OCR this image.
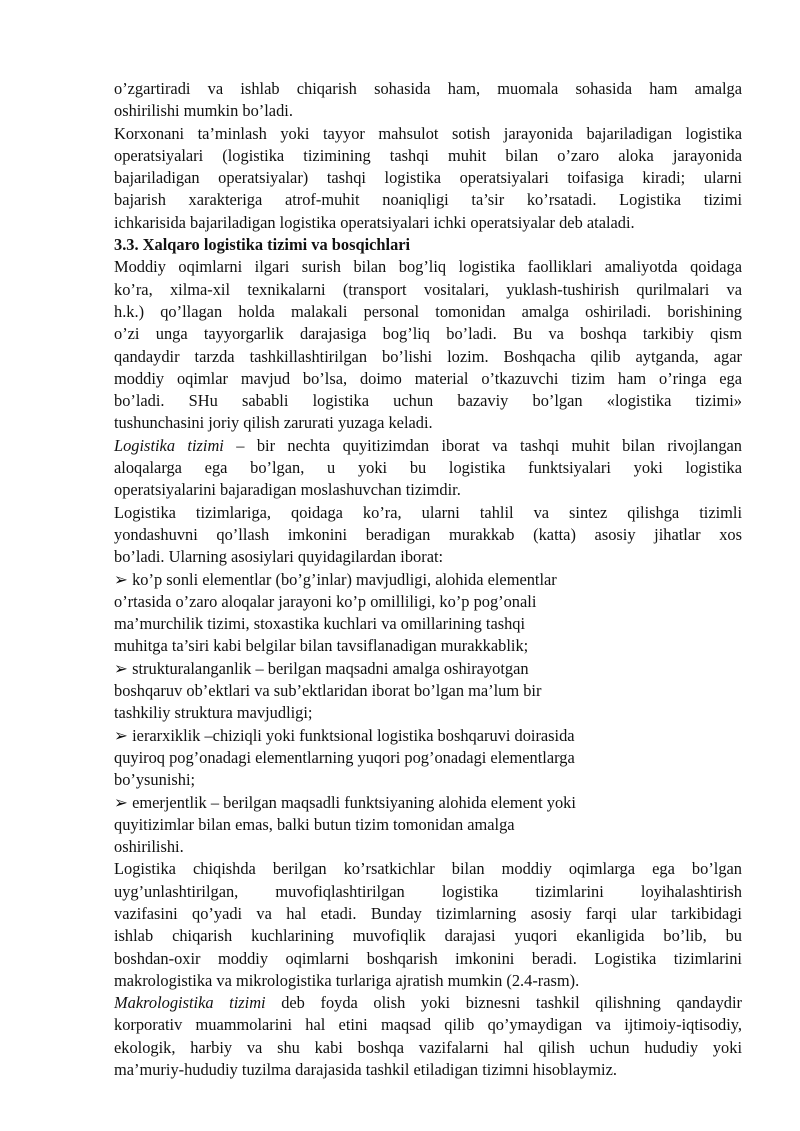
o’zgartiradi va ishlab chiqarish sohasida ham, muomala sohasida ham amalga
oshirilishi mumkin bo’ladi.
Korxonani ta’minlash yoki tayyor mahsulot sotish jarayonida bajariladigan logistika
operatsiyalari (logistika tizimining tashqi muhit bilan o’zaro aloka jarayonida
bajariladigan operatsiyalar) tashqi logistika operatsiyalari toifasiga kiradi; ularni
bajarish xarakteriga atrof-muhit noaniqligi ta’sir ko’rsatadi. Logistika tizimi
ichkarisida bajariladigan logistika operatsiyalari ichki operatsiyalar deb ataladi.
3.3. Xalqaro logistika tizimi va bosqichlari
Moddiy oqimlarni ilgari surish bilan bog’liq logistika faolliklari amaliyotda qoidaga
ko’ra, xilma-xil texnikalarni (transport vositalari, yuklash-tushirish qurilmalari va
h.k.) qo’llagan holda malakali personal tomonidan amalga oshiriladi. borishining
o’zi unga tayyorgarlik darajasiga bog’liq bo’ladi. Bu va boshqa tarkibiy qism
qandaydir tarzda tashkillashtirilgan bo’lishi lozim. Boshqacha qilib aytganda, agar
moddiy oqimlar mavjud bo’lsa, doimo material o’tkazuvchi tizim ham o’ringa ega
bo’ladi. SHu sababli logistika uchun bazaviy bo’lgan «logistika tizimi»
tushunchasini joriy qilish zarurati yuzaga keladi.
Logistika tizimi – bir nechta quyitizimdan iborat va tashqi muhit bilan rivojlangan
aloqalarga ega bo’lgan, u yoki bu logistika funktsiyalari yoki logistika
operatsiyalarini bajaradigan moslashuvchan tizimdir.
Logistika tizimlariga, qoidaga ko’ra, ularni tahlil va sintez qilishga tizimli
yondashuvni qo’llash imkonini beradigan murakkab (katta) asosiy jihatlar xos
bo’ladi. Ularning asosiylari quyidagilardan iborat:
➢ ko’p sonli elementlar (bo’g’inlar) mavjudligi, alohida elementlar
o’rtasida o’zaro aloqalar jarayoni ko’p omilliligi, ko’p pog’onali
ma’murchilik tizimi, stoxastika kuchlari va omillarining tashqi
muhitga ta’siri kabi belgilar bilan tavsiflanadigan murakkablik;
➢ strukturalanganlik – berilgan maqsadni amalga oshirayotgan
boshqaruv ob’ektlari va sub’ektlaridan iborat bo’lgan ma’lum bir
tashkiliy struktura mavjudligi;
➢ ierarxiklik –chiziqli yoki funktsional logistika boshqaruvi doirasida
quyiroq pog’onadagi elementlarning yuqori pog’onadagi elementlarga
bo’ysunishi;
➢ emerjentlik – berilgan maqsadli funktsiyaning alohida element yoki
quyitizimlar bilan emas, balki butun tizim tomonidan amalga
oshirilishi.
Logistika chiqishda berilgan ko’rsatkichlar bilan moddiy oqimlarga ega bo’lgan
uyg’unlashtirilgan, muvofiqlashtirilgan logistika tizimlarini loyihalashtirish
vazifasini qo’yadi va hal etadi. Bunday tizimlarning asosiy farqi ular tarkibidagi
ishlab chiqarish kuchlarining muvofiqlik darajasi yuqori ekanligida bo’lib, bu
boshdan-oxir moddiy oqimlarni boshqarish imkonini beradi. Logistika tizimlarini
makrologistika va mikrologistika turlariga ajratish mumkin (2.4-rasm).
Makrologistika tizimi deb foyda olish yoki biznesni tashkil qilishning qandaydir
korporativ muammolarini hal etini maqsad qilib qo’ymaydigan va ijtimoiy-iqtisodiy,
ekologik, harbiy va shu kabi boshqa vazifalarni hal qilish uchun hududiy yoki
ma’muriy-hududiy tuzilma darajasida tashkil etiladigan tizimni hisoblaymiz.
